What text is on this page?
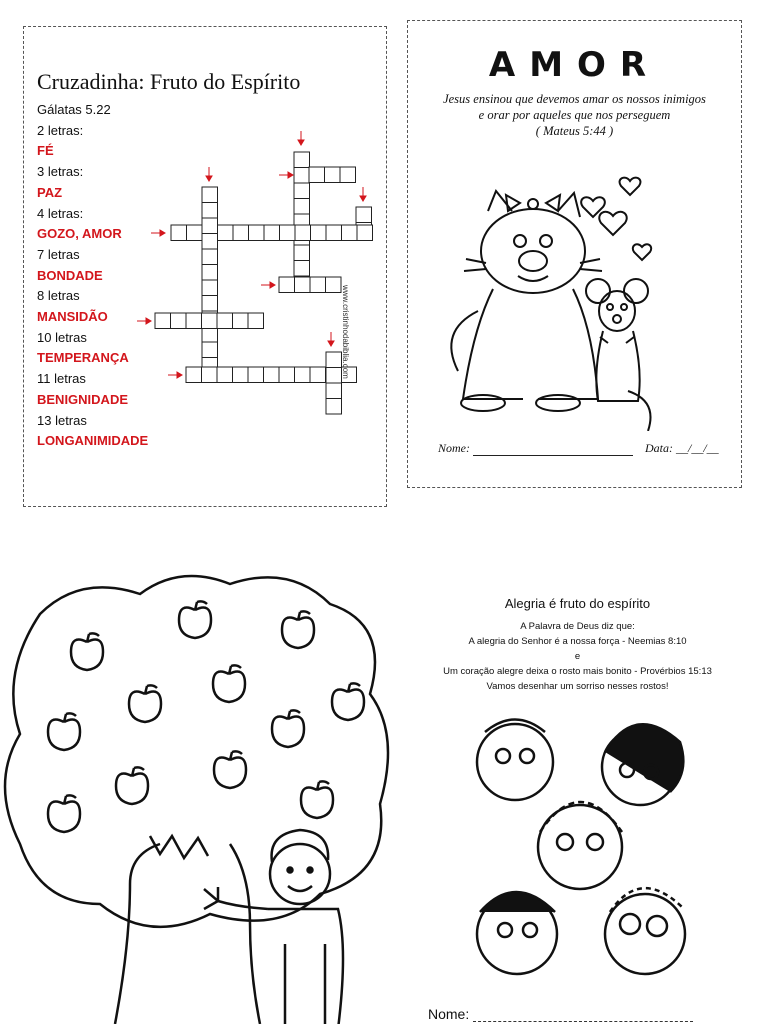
Cruzadinha: Fruto do Espírito
Gálatas 5.22
2 letras:
FÉ
3 letras:
PAZ
4 letras:
GOZO, AMOR
7 letras
BONDADE
8 letras
MANSIDÃO
10 letras
TEMPERANÇA
11 letras
BENIGNIDADE
13 letras
LONGANIMIDADE
www.cristinhodabiblia.com
AMOR
Jesus ensinou que devemos amar os nossos inimigos
e orar por aqueles que nos perseguem
( Mateus 5:44 )
Nome:	Data: __/__/__
Alegria é fruto do espírito
A Palavra de Deus diz que:
A alegria do Senhor é a nossa força - Neemias 8:10
e
Um coração alegre deixa o rosto mais bonito - Provérbios 15:13
Vamos desenhar um sorriso nesses rostos!
Nome:
